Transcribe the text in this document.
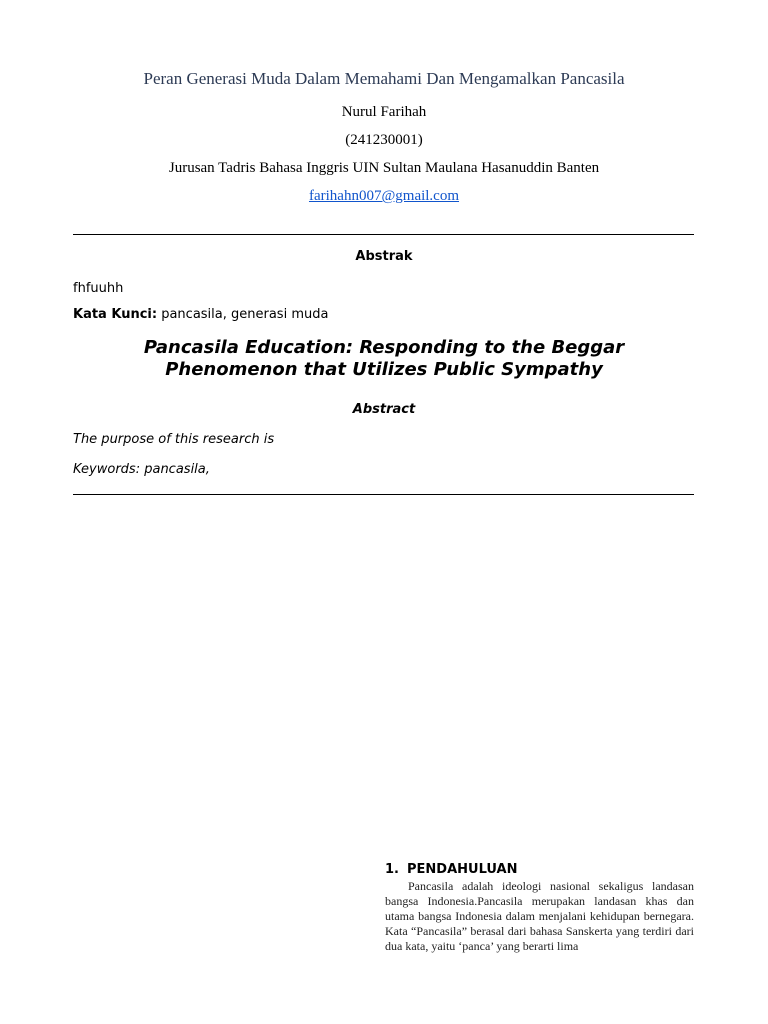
Peran Generasi Muda Dalam Memahami Dan Mengamalkan Pancasila
Nurul Farihah
(241230001)
Jurusan Tadris Bahasa Inggris UIN Sultan Maulana Hasanuddin Banten
farihahn007@gmail.com
Abstrak
fhfuuhh
Kata Kunci: pancasila, generasi muda
Pancasila Education: Responding to the Beggar Phenomenon that Utilizes Public Sympathy
Abstract
The purpose of this research is
Keywords: pancasila,
1. PENDAHULUAN

Pancasila adalah ideologi nasional sekaligus landasan bangsa Indonesia.Pancasila merupakan landasan khas dan utama bangsa Indonesia dalam menjalani kehidupan bernegara. Kata “Pancasila” berasal dari bahasa Sanskerta yang terdiri dari dua kata, yaitu ‘panca’ yang berarti lima
